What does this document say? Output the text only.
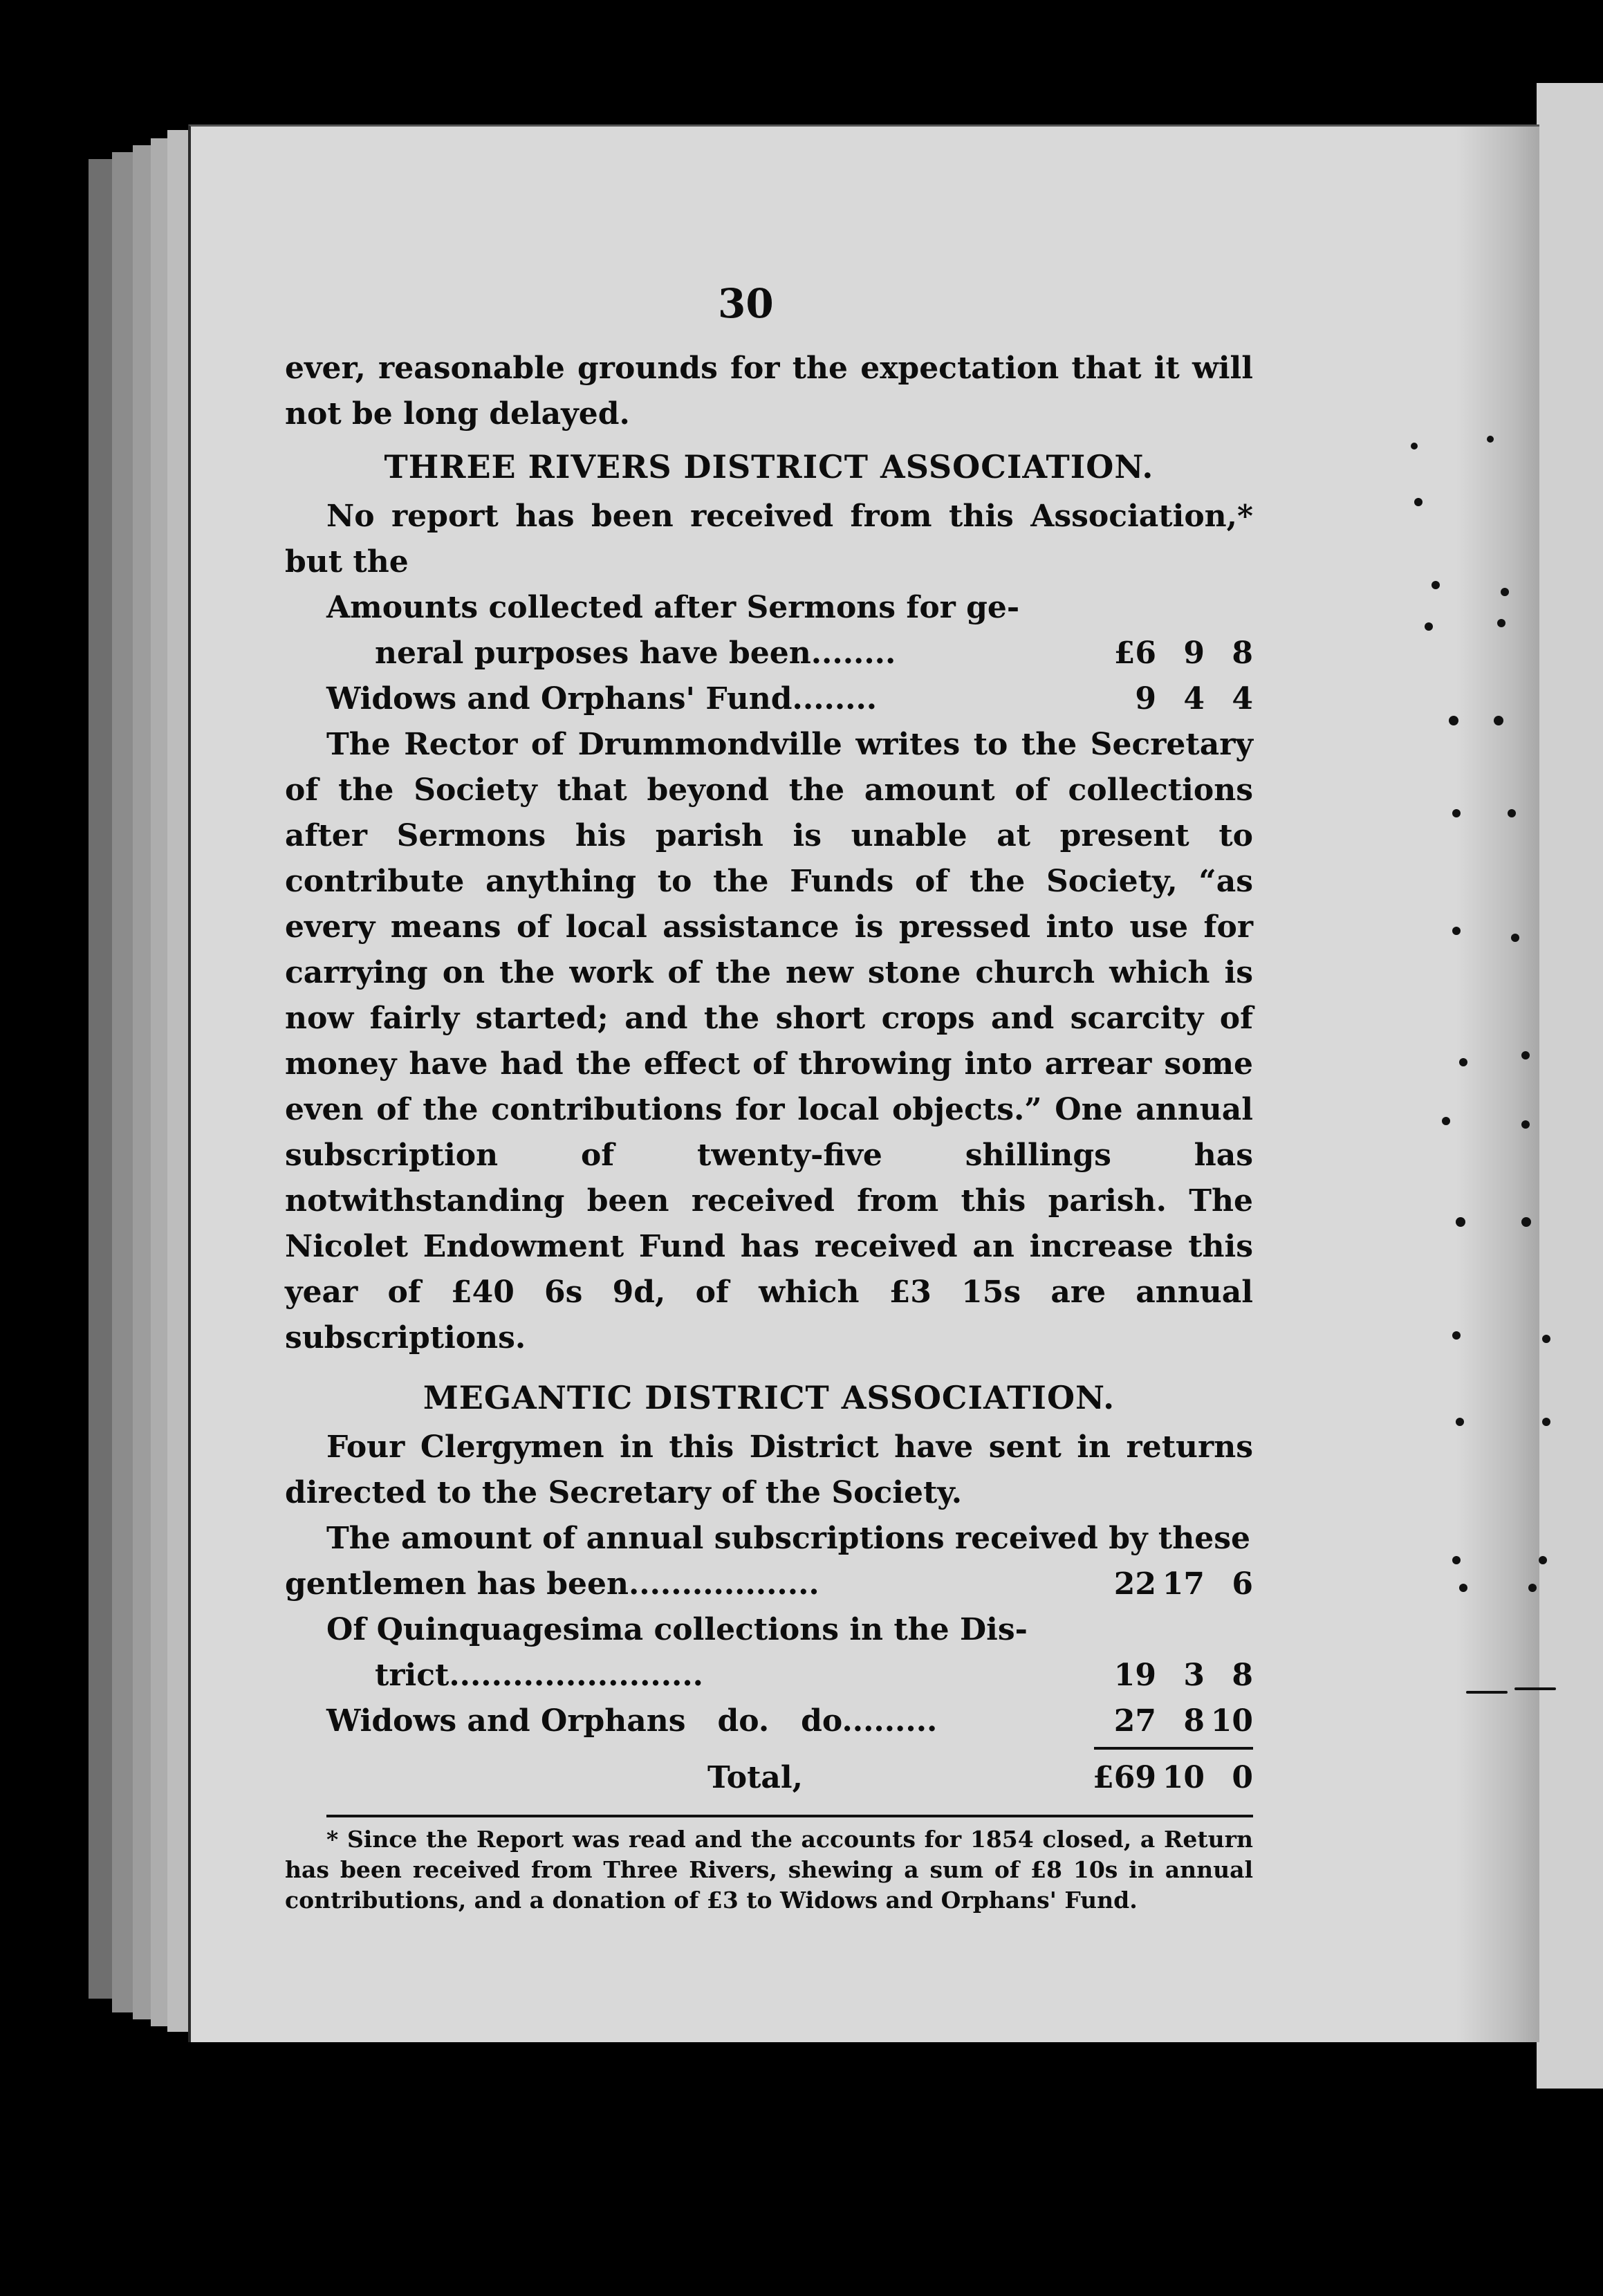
30

ever, reasonable grounds for the expectation that it will not be long delayed.

THREE RIVERS DISTRICT ASSOCIATION.

No report has been received from this Association,* but the

Amounts collected after Sermons for ge-
neral purposes have been........	£6 9 8
Widows and Orphans' Fund........	9 4 4

The Rector of Drummondville writes to the Secretary of the Society that beyond the amount of collections after Sermons his parish is unable at present to contribute anything to the Funds of the Society, “as every means of local assistance is pressed into use for carrying on the work of the new stone church which is now fairly started; and the short crops and scarcity of money have had the effect of throwing into arrear some even of the contributions for local objects.” One annual subscription of twenty-five shillings has notwithstanding been received from this parish. The Nicolet Endowment Fund has received an increase this year of £40 6s 9d, of which £3 15s are annual subscriptions.

MEGANTIC DISTRICT ASSOCIATION.

Four Clergymen in this District have sent in returns directed to the Secretary of the Society.

The amount of annual subscriptions received by these
gentlemen has been..................	22 17 6
Of Quinquagesima collections in the Dis-
trict........................	19 3 8
Widows and Orphans   do.   do.........	27 8 10
Total,	£69 10 0

* Since the Report was read and the accounts for 1854 closed, a Return has been received from Three Rivers, shewing a sum of £8 10s in annual contributions, and a donation of £3 to Widows and Orphans' Fund.
